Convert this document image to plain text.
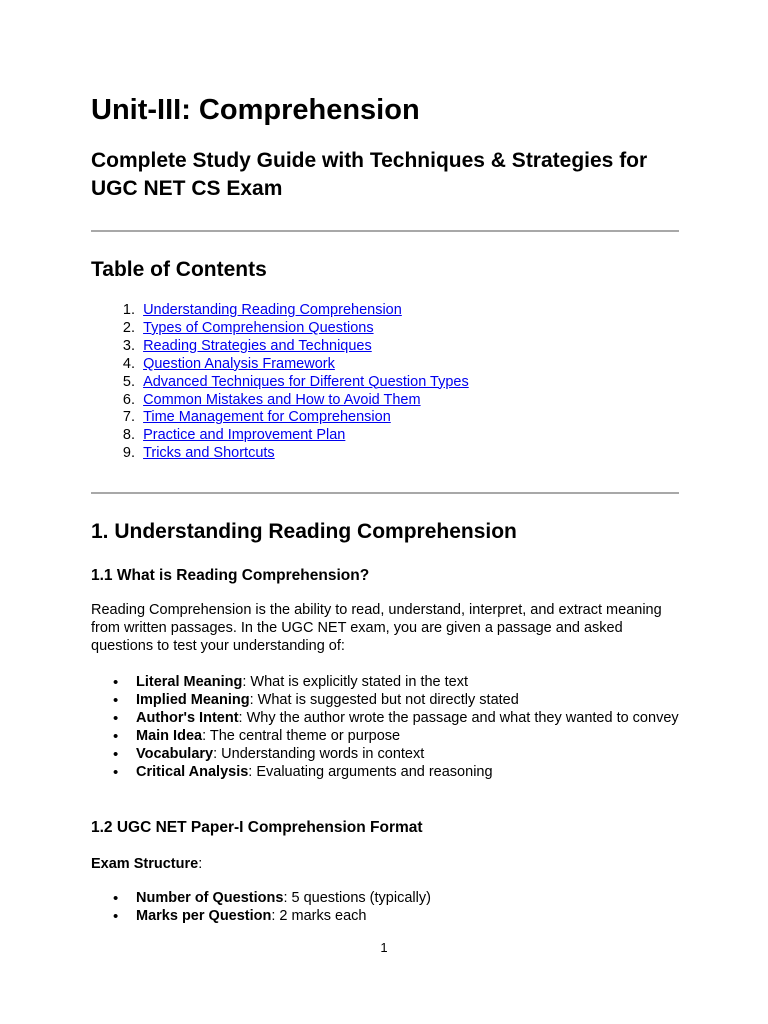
Unit-III: Comprehension
Complete Study Guide with Techniques & Strategies for UGC NET CS Exam
Table of Contents
1.
Understanding Reading Comprehension
2.
Types of Comprehension Questions
3.
Reading Strategies and Techniques
4.
Question Analysis Framework
5.
Advanced Techniques for Different Question Types
6.
Common Mistakes and How to Avoid Them
7.
Time Management for Comprehension
8.
Practice and Improvement Plan
9.
Tricks and Shortcuts
1. Understanding Reading Comprehension
1.1 What is Reading Comprehension?

Reading Comprehension is the ability to read, understand, interpret, and extract meaning from written passages. In the UGC NET exam, you are given a passage and asked questions to test your understanding of:

• Literal Meaning: What is explicitly stated in the text
• Implied Meaning: What is suggested but not directly stated
• Author's Intent: Why the author wrote the passage and what they wanted to convey
• Main Idea: The central theme or purpose
• Vocabulary: Understanding words in context
• Critical Analysis: Evaluating arguments and reasoning
1.2 UGC NET Paper-I Comprehension Format

Exam Structure:

• Number of Questions: 5 questions (typically)
• Marks per Question: 2 marks each
1
